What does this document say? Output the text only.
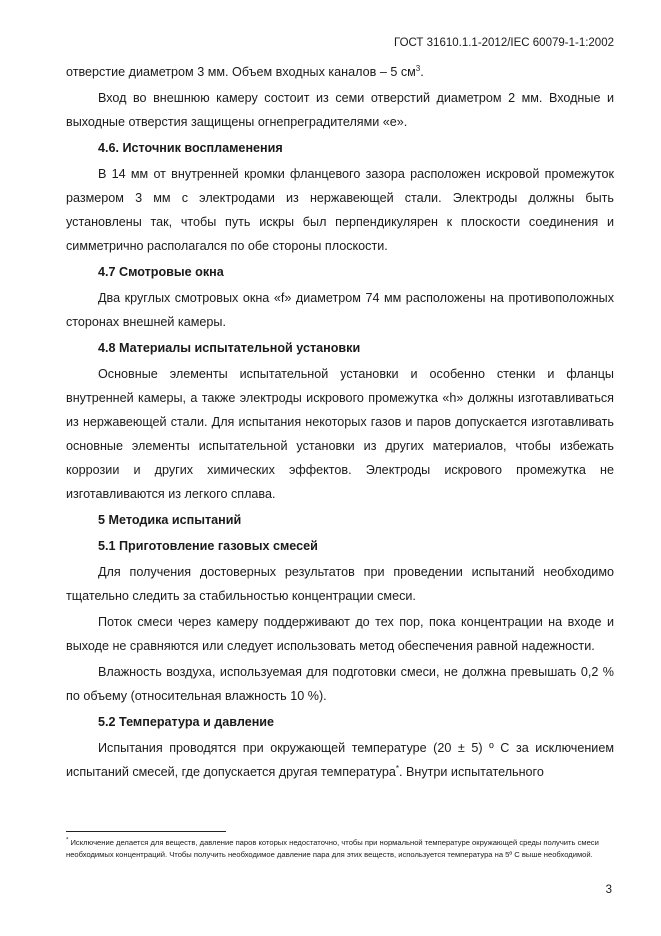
ГОСТ 31610.1.1-2012/IEC 60079-1-1:2002

отверстие диаметром 3 мм. Объем входных каналов – 5 $см^3$.

Вход во внешнюю камеру состоит из семи отверстий диаметром 2 мм. Входные и выходные отверстия защищены огнепреградителями «е».

4.6. Источник воспламенения

В 14 мм от внутренней кромки фланцевого зазора расположен искровой промежуток размером 3 мм с электродами из нержавеющей стали. Электроды должны быть установлены так, чтобы путь искры был перпендикулярен к плоскости соединения и симметрично располагался по обе стороны плоскости.

4.7 Смотровые окна

Два круглых смотровых окна «f» диаметром 74 мм расположены на противоположных сторонах внешней камеры.

4.8 Материалы испытательной установки

Основные элементы испытательной установки и особенно стенки и фланцы внутренней камеры, а также электроды искрового промежутка «h» должны изготавливаться из нержавеющей стали. Для испытания некоторых газов и паров допускается изготавливать основные элементы испытательной установки из других материалов, чтобы избежать коррозии и других химических эффектов. Электроды искрового промежутка не изготавливаются из легкого сплава.

5 Методика испытаний
5.1 Приготовление газовых смесей

Для получения достоверных результатов при проведении испытаний необходимо тщательно следить за стабильностью концентрации смеси.

Поток смеси через камеру поддерживают до тех пор, пока концентрации на входе и выходе не сравняются или следует использовать метод обеспечения равной надежности.

Влажность воздуха, используемая для подготовки смеси, не должна превышать 0,2 % по объему (относительная влажность 10 %).

5.2 Температура и давление

Испытания проводятся при окружающей температуре (20 ± 5) º С за исключением испытаний смесей, где допускается другая температура*. Внутри испытательного

* Исключение делается для веществ, давление паров которых недостаточно, чтобы при нормальной температуре окружающей среды получить смеси необходимых концентраций. Чтобы получить необходимое давление пара для этих веществ, используется температура на 5º С выше необходимой.
3
